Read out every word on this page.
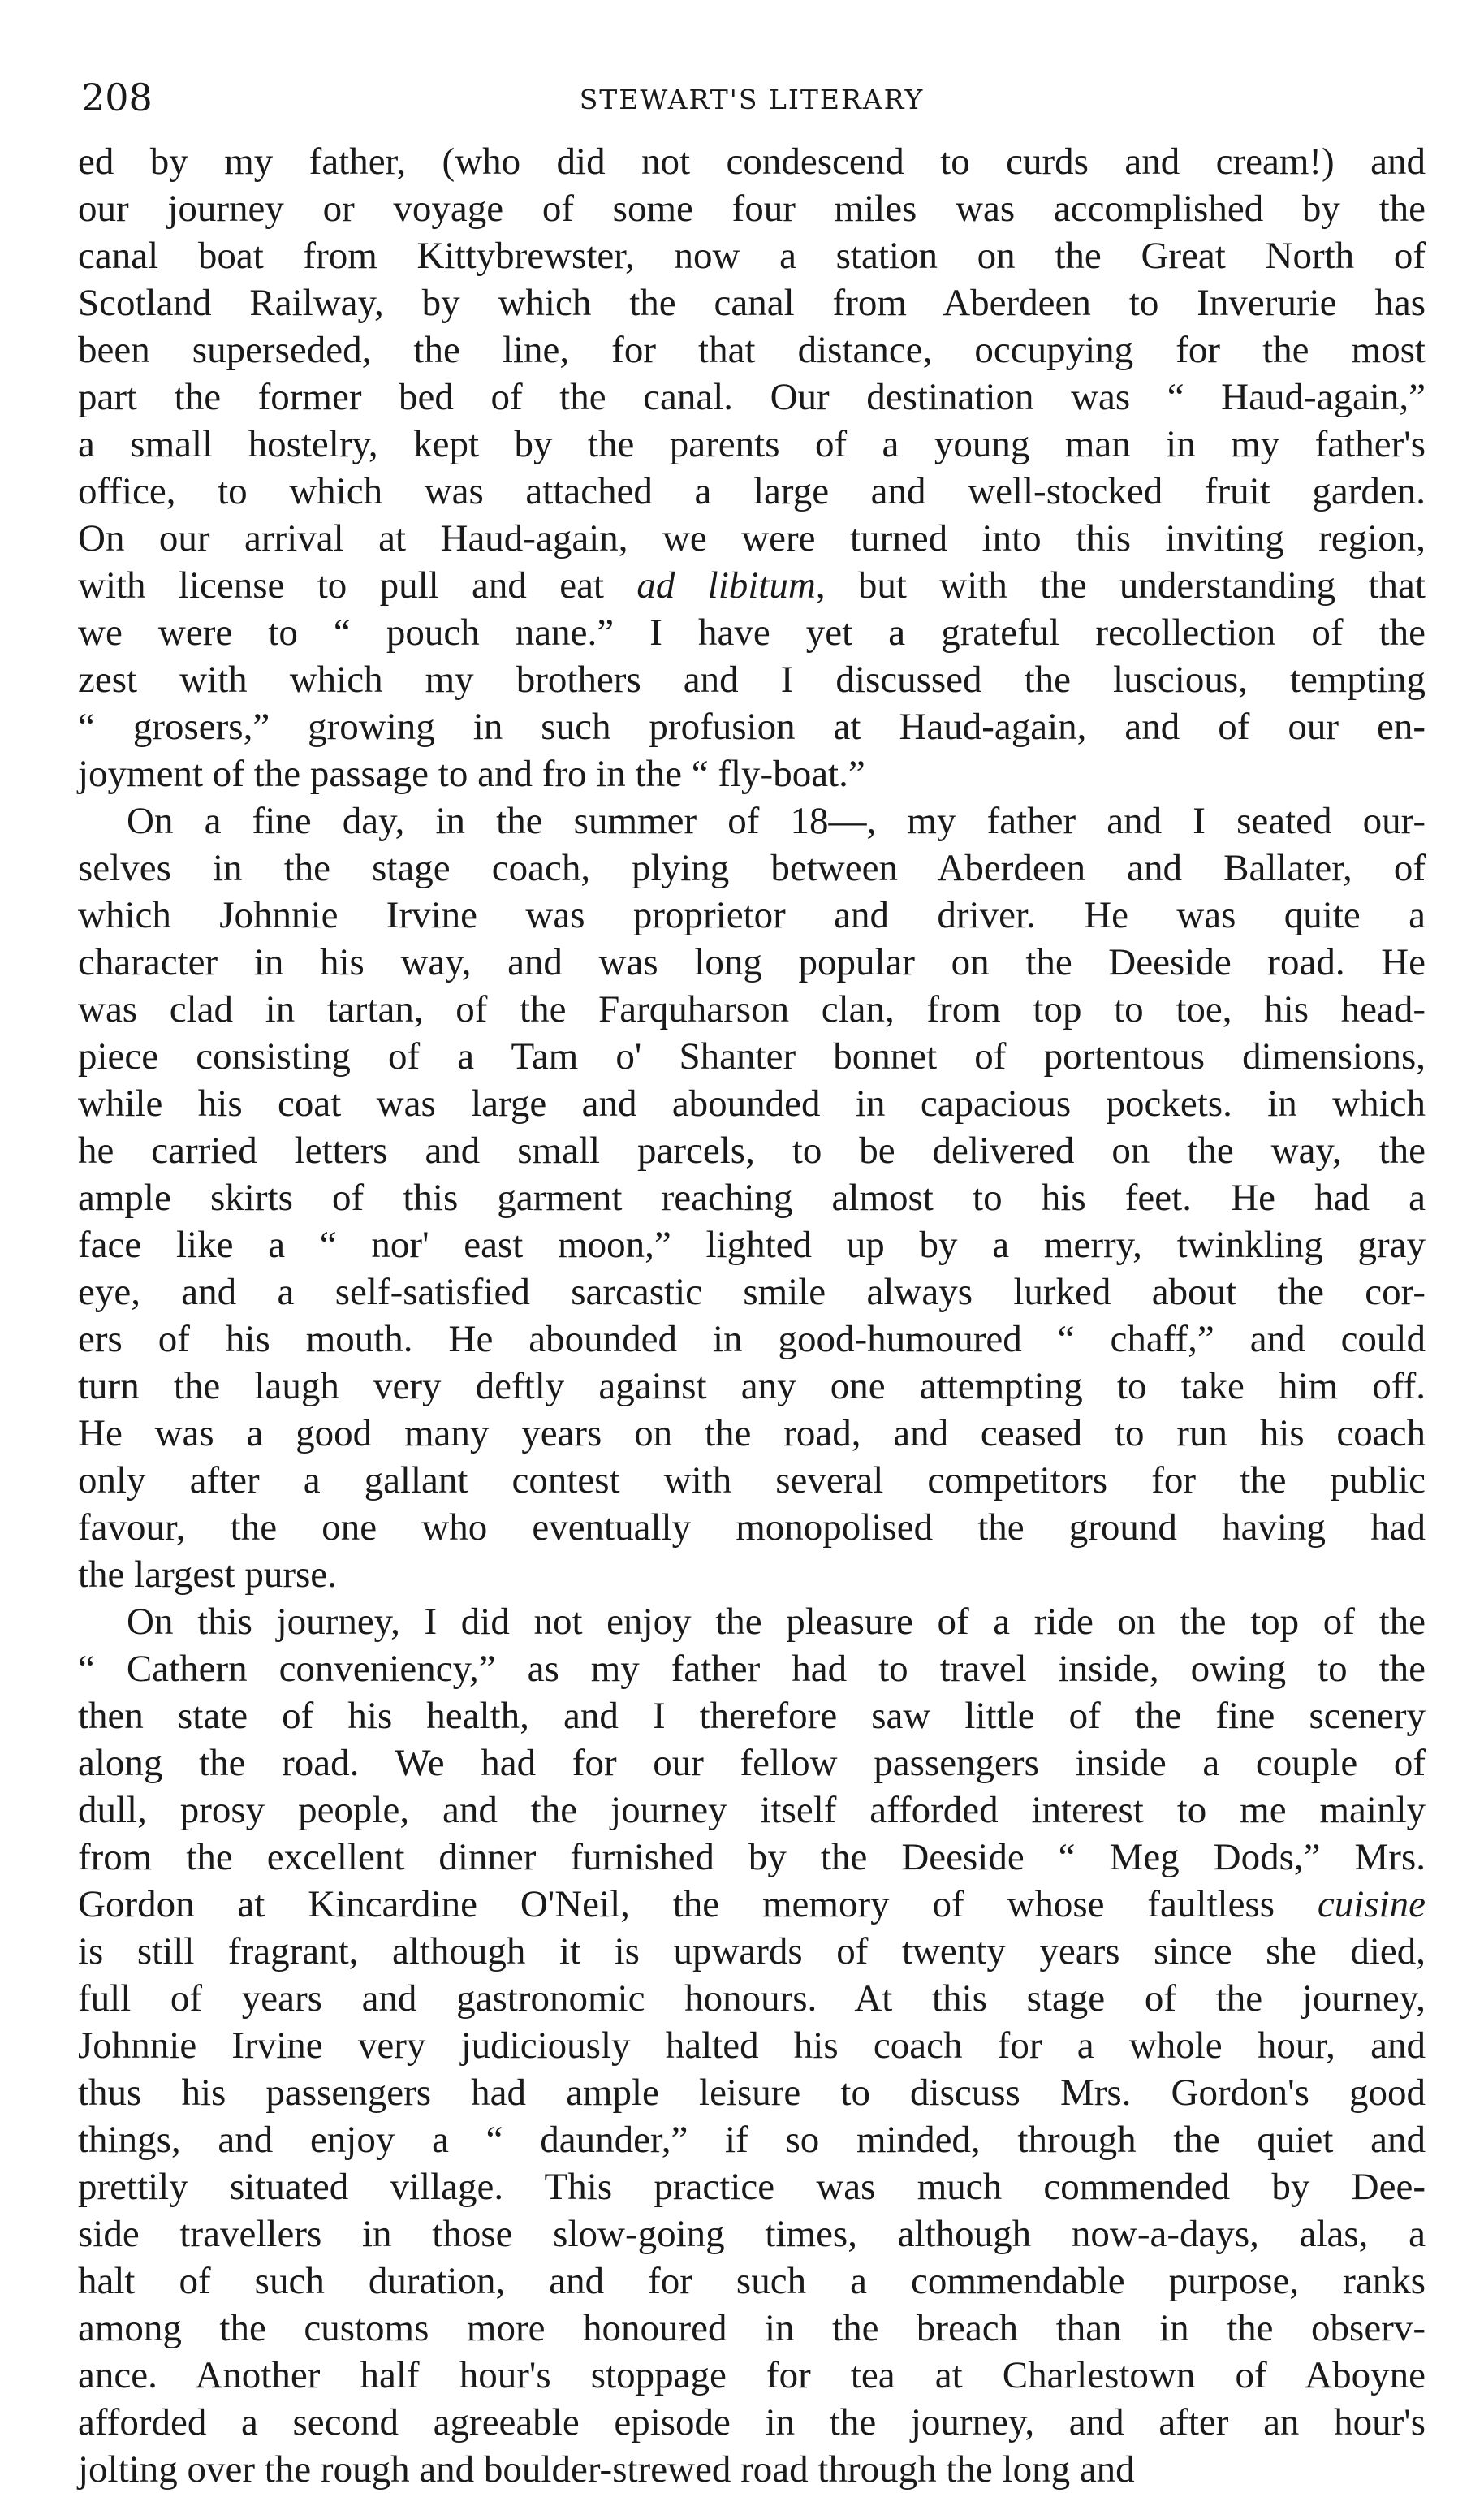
208	STEWART'S LITERARY
ed by my father, (who did not condescend to curds and cream!) and
our journey or voyage of some four miles was accomplished by the
canal boat from Kittybrewster, now a station on the Great North of
Scotland Railway, by which the canal from Aberdeen to Inverurie has
been superseded, the line, for that distance, occupying for the most
part the former bed of the canal. Our destination was “ Haud-again,”
a small hostelry, kept by the parents of a young man in my father's
office, to which was attached a large and well-stocked fruit garden.
On our arrival at Haud-again, we were turned into this inviting region,
with license to pull and eat ad libitum, but with the understanding that
we were to “ pouch nane.” I have yet a grateful recollection of the
zest with which my brothers and I discussed the luscious, tempting
“ grosers,” growing in such profusion at Haud-again, and of our en-
joyment of the passage to and fro in the “ fly-boat.”
On a fine day, in the summer of 18—, my father and I seated our-
selves in the stage coach, plying between Aberdeen and Ballater, of
which Johnnie Irvine was proprietor and driver. He was quite a
character in his way, and was long popular on the Deeside road. He
was clad in tartan, of the Farquharson clan, from top to toe, his head-
piece consisting of a Tam o' Shanter bonnet of portentous dimensions,
while his coat was large and abounded in capacious pockets. in which
he carried letters and small parcels, to be delivered on the way, the
ample skirts of this garment reaching almost to his feet. He had a
face like a “ nor' east moon,” lighted up by a merry, twinkling gray
eye, and a self-satisfied sarcastic smile always lurked about the cor-
ers of his mouth. He abounded in good-humoured “ chaff,” and could
turn the laugh very deftly against any one attempting to take him off.
He was a good many years on the road, and ceased to run his coach
only after a gallant contest with several competitors for the public
favour, the one who eventually monopolised the ground having had
the largest purse.
On this journey, I did not enjoy the pleasure of a ride on the top of the
“ Cathern conveniency,” as my father had to travel inside, owing to the
then state of his health, and I therefore saw little of the fine scenery
along the road. We had for our fellow passengers inside a couple of
dull, prosy people, and the journey itself afforded interest to me mainly
from the excellent dinner furnished by the Deeside “ Meg Dods,” Mrs.
Gordon at Kincardine O'Neil, the memory of whose faultless cuisine
is still fragrant, although it is upwards of twenty years since she died,
full of years and gastronomic honours. At this stage of the journey,
Johnnie Irvine very judiciously halted his coach for a whole hour, and
thus his passengers had ample leisure to discuss Mrs. Gordon's good
things, and enjoy a “ daunder,” if so minded, through the quiet and
prettily situated village. This practice was much commended by Dee-
side travellers in those slow-going times, although now-a-days, alas, a
halt of such duration, and for such a commendable purpose, ranks
among the customs more honoured in the breach than in the observ-
ance. Another half hour's stoppage for tea at Charlestown of Aboyne
afforded a second agreeable episode in the journey, and after an hour's
jolting over the rough and boulder-strewed road through the long and
